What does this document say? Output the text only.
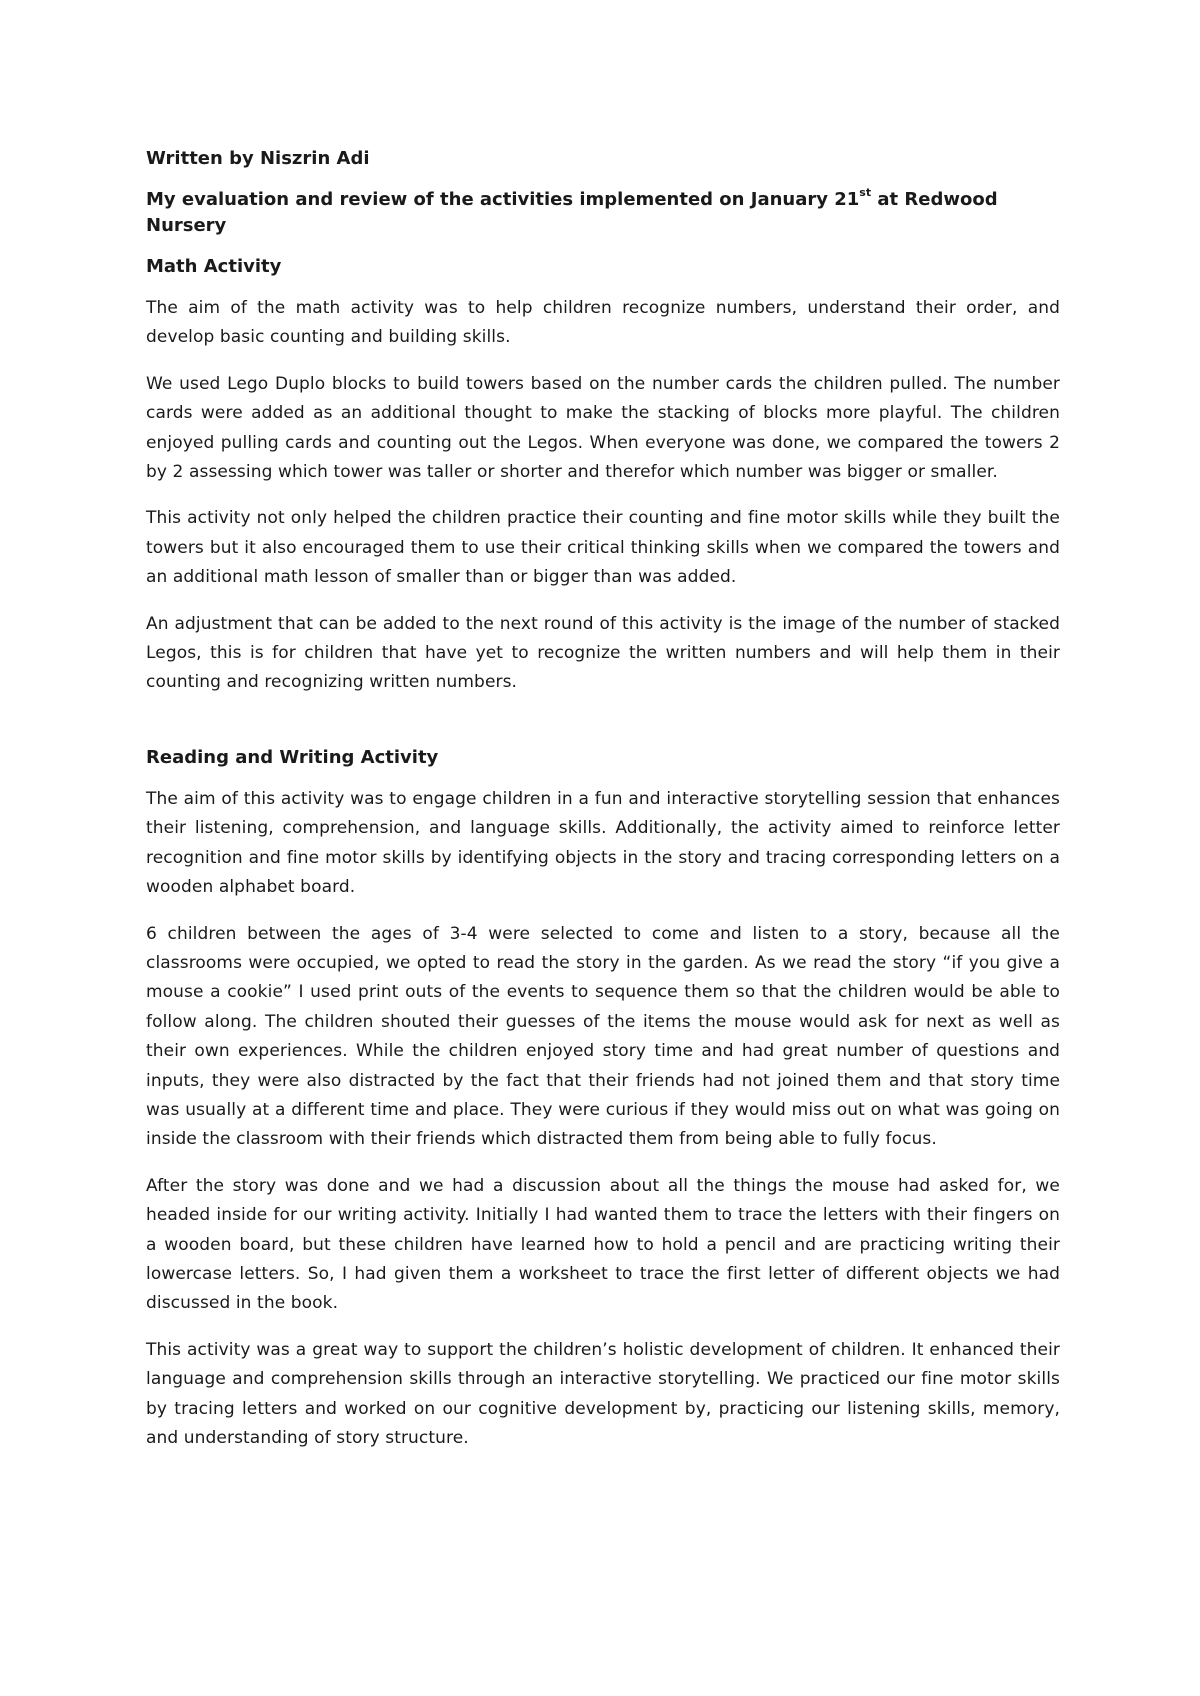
Written by Niszrin Adi
My evaluation and review of the activities implemented on January 21st at Redwood Nursery
Math Activity

The aim of the math activity was to help children recognize numbers, understand their order, and develop basic counting and building skills.

We used Lego Duplo blocks to build towers based on the number cards the children pulled. The number cards were added as an additional thought to make the stacking of blocks more playful. The children enjoyed pulling cards and counting out the Legos. When everyone was done, we compared the towers 2 by 2 assessing which tower was taller or shorter and therefor which number was bigger or smaller.

This activity not only helped the children practice their counting and fine motor skills while they built the towers but it also encouraged them to use their critical thinking skills when we compared the towers and an additional math lesson of smaller than or bigger than was added.

An adjustment that can be added to the next round of this activity is the image of the number of stacked Legos, this is for children that have yet to recognize the written numbers and will help them in their counting and recognizing written numbers.

Reading and Writing Activity

The aim of this activity was to engage children in a fun and interactive storytelling session that enhances their listening, comprehension, and language skills. Additionally, the activity aimed to reinforce letter recognition and fine motor skills by identifying objects in the story and tracing corresponding letters on a wooden alphabet board.

6 children between the ages of 3-4 were selected to come and listen to a story, because all the classrooms were occupied, we opted to read the story in the garden. As we read the story “if you give a mouse a cookie” I used print outs of the events to sequence them so that the children would be able to follow along. The children shouted their guesses of the items the mouse would ask for next as well as their own experiences. While the children enjoyed story time and had great number of questions and inputs, they were also distracted by the fact that their friends had not joined them and that story time was usually at a different time and place. They were curious if they would miss out on what was going on inside the classroom with their friends which distracted them from being able to fully focus.

After the story was done and we had a discussion about all the things the mouse had asked for, we headed inside for our writing activity. Initially I had wanted them to trace the letters with their fingers on a wooden board, but these children have learned how to hold a pencil and are practicing writing their lowercase letters. So, I had given them a worksheet to trace the first letter of different objects we had discussed in the book.

This activity was a great way to support the children’s holistic development of children. It enhanced their language and comprehension skills through an interactive storytelling. We practiced our fine motor skills by tracing letters and worked on our cognitive development by, practicing our listening skills, memory, and understanding of story structure.
